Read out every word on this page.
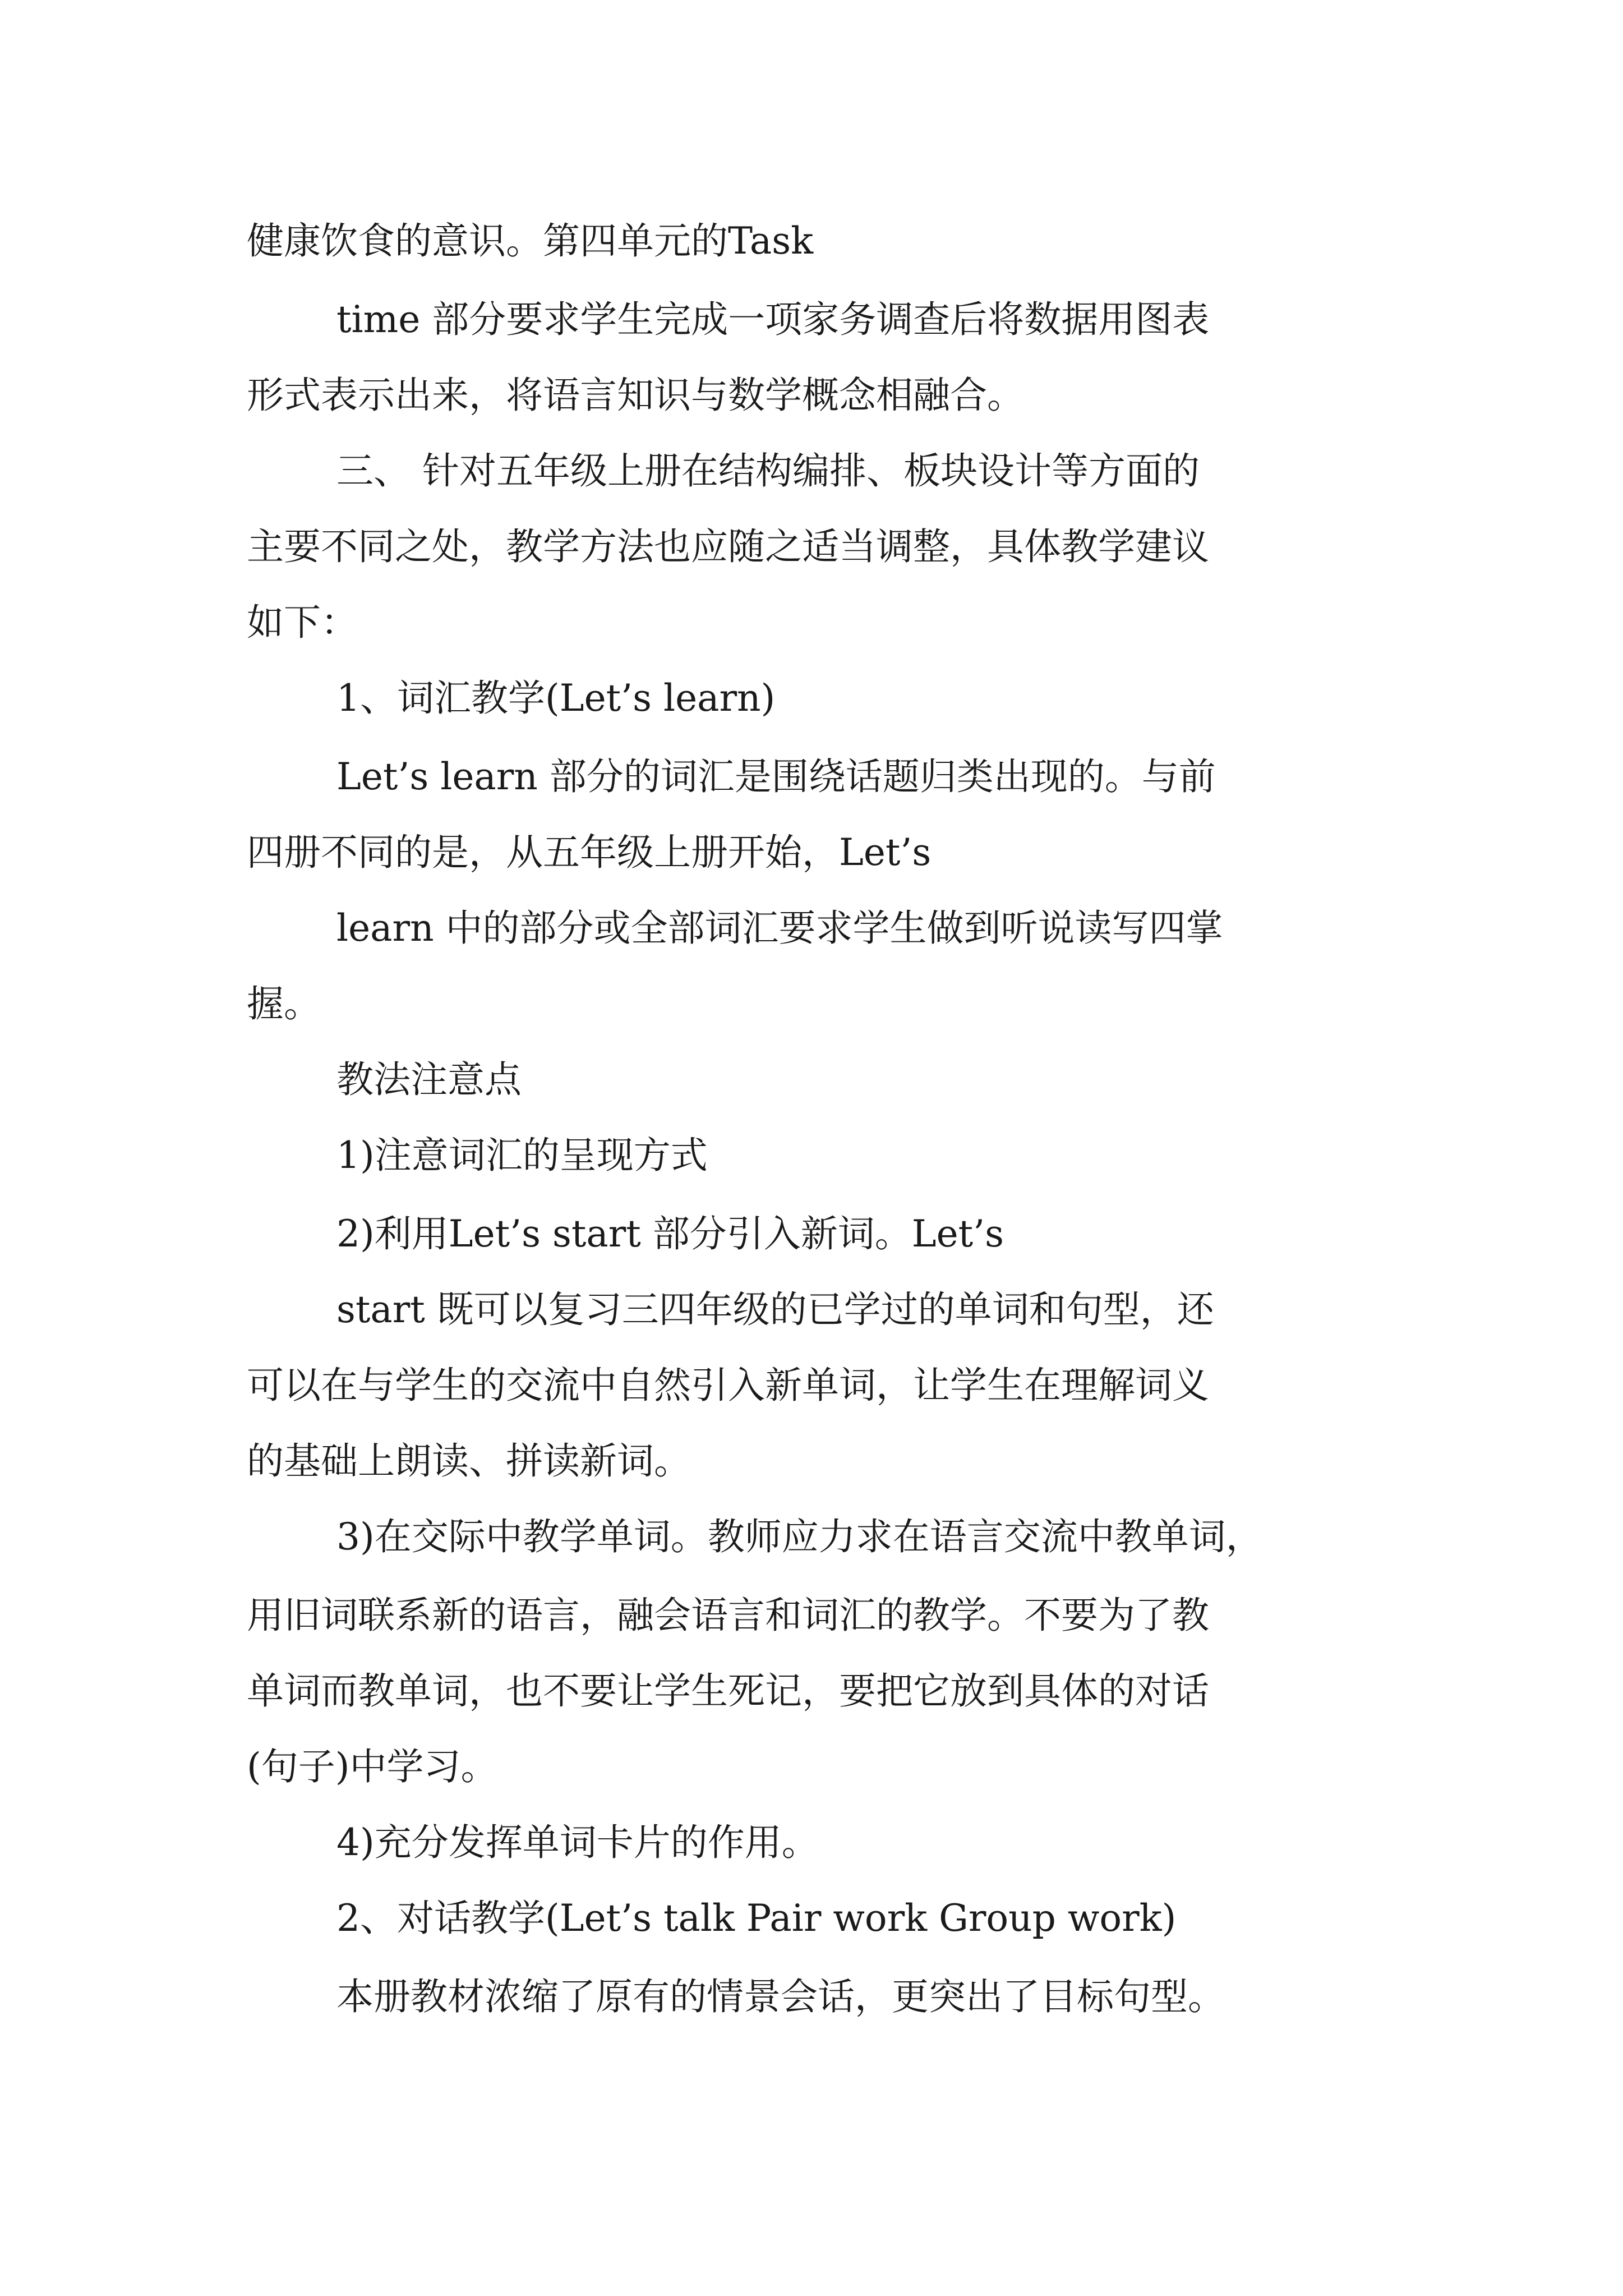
健康饮食的意识。第四单元的Task
time 部分要求学生完成一项家务调查后将数据用图表
形式表示出来，将语言知识与数学概念相融合。
三、 针对五年级上册在结构编排、板块设计等方面的
主要不同之处，教学方法也应随之适当调整，具体教学建议
如下：
1、词汇教学(Let’s learn)
Let’s learn 部分的词汇是围绕话题归类出现的。与前
四册不同的是，从五年级上册开始，Let’s
learn 中的部分或全部词汇要求学生做到听说读写四掌
握。
教法注意点
1)注意词汇的呈现方式
2)利用Let’s start 部分引入新词。Let’s
start 既可以复习三四年级的已学过的单词和句型，还
可以在与学生的交流中自然引入新单词，让学生在理解词义
的基础上朗读、拼读新词。
3)在交际中教学单词。教师应力求在语言交流中教单词，
用旧词联系新的语言，融会语言和词汇的教学。不要为了教
单词而教单词，也不要让学生死记，要把它放到具体的对话
(句子)中学习。
4)充分发挥单词卡片的作用。
2、对话教学(Let’s talk Pair work Group work)
本册教材浓缩了原有的情景会话，更突出了目标句型。
